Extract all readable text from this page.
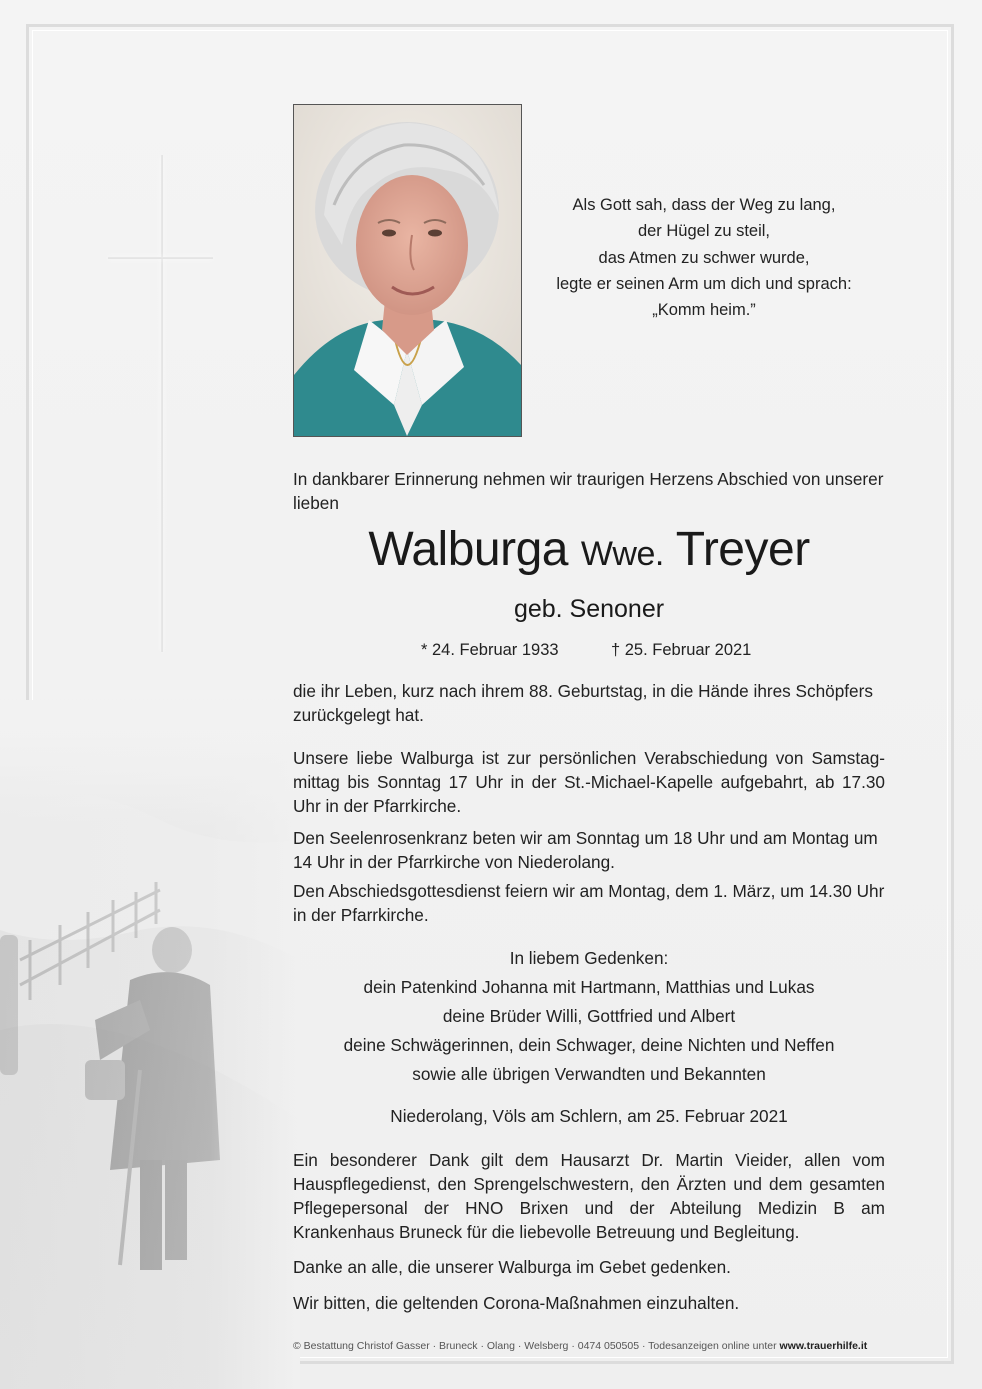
Als Gott sah, dass der Weg zu lang,
der Hügel zu steil,
das Atmen zu schwer wurde,
legte er seinen Arm um dich und sprach:
„Komm heim.”
In dankbarer Erinnerung nehmen wir traurigen Herzens Abschied von unserer lieben
Walburga Wwe. Treyer
geb. Senoner
* 24. Februar 1933	† 25. Februar 2021
die ihr Leben, kurz nach ihrem 88. Geburtstag, in die Hände ihres Schöpfers zurückgelegt hat.
Unsere liebe Walburga ist zur persönlichen Verabschiedung von Samstag-mittag bis Sonntag 17 Uhr in der St.-Michael-Kapelle aufgebahrt, ab 17.30 Uhr in der Pfarrkirche.
Den Seelenrosenkranz beten wir am Sonntag um 18 Uhr und am Montag um 14 Uhr in der Pfarrkirche von Niederolang.
Den Abschiedsgottesdienst feiern wir am Montag, dem 1. März, um 14.30 Uhr in der Pfarrkirche.
In liebem Gedenken:
dein Patenkind Johanna mit Hartmann, Matthias und Lukas
deine Brüder Willi, Gottfried und Albert
deine Schwägerinnen, dein Schwager, deine Nichten und Neffen
sowie alle übrigen Verwandten und Bekannten
Niederolang, Völs am Schlern, am 25. Februar 2021
Ein besonderer Dank gilt dem Hausarzt Dr. Martin Vieider, allen vom Hauspflegedienst, den Sprengelschwestern, den Ärzten und dem gesamten Pflegepersonal der HNO Brixen und der Abteilung Medizin B am Krankenhaus Bruneck für die liebevolle Betreuung und Begleitung.
Danke an alle, die unserer Walburga im Gebet gedenken.
Wir bitten, die geltenden Corona-Maßnahmen einzuhalten.
© Bestattung Christof Gasser · Bruneck · Olang · Welsberg · 0474 050505 · Todesanzeigen online unter www.trauerhilfe.it
